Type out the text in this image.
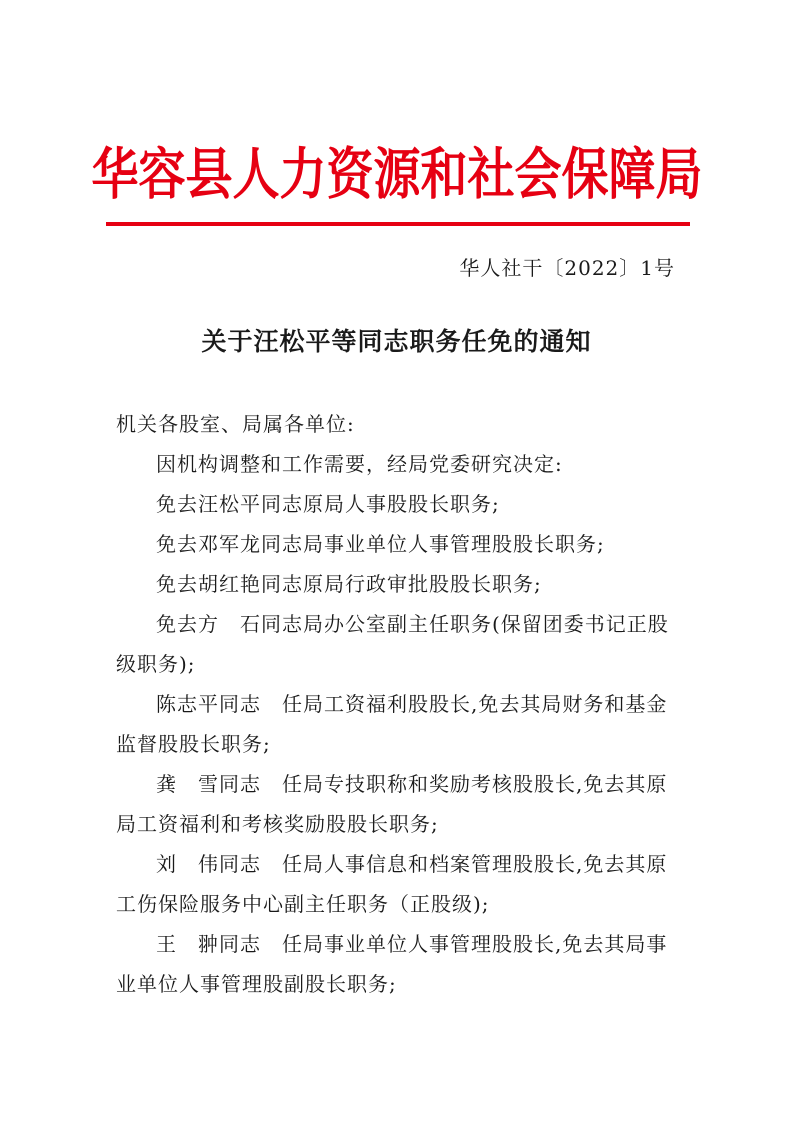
华容县人力资源和社会保障局
华人社干〔2022〕1号
关于汪松平等同志职务任免的通知

机关各股室、局属各单位:

因机构调整和工作需要，经局党委研究决定:

免去汪松平同志原局人事股股长职务;

免去邓军龙同志局事业单位人事管理股股长职务;

免去胡红艳同志原局行政审批股股长职务;

免去方　石同志局办公室副主任职务(保留团委书记正股级职务);

陈志平同志　任局工资福利股股长,免去其局财务和基金监督股股长职务;

龚　雪同志　任局专技职称和奖励考核股股长,免去其原局工资福利和考核奖励股股长职务;

刘　伟同志　任局人事信息和档案管理股股长,免去其原工伤保险服务中心副主任职务（正股级);

王　翀同志　任局事业单位人事管理股股长,免去其局事业单位人事管理股副股长职务;
